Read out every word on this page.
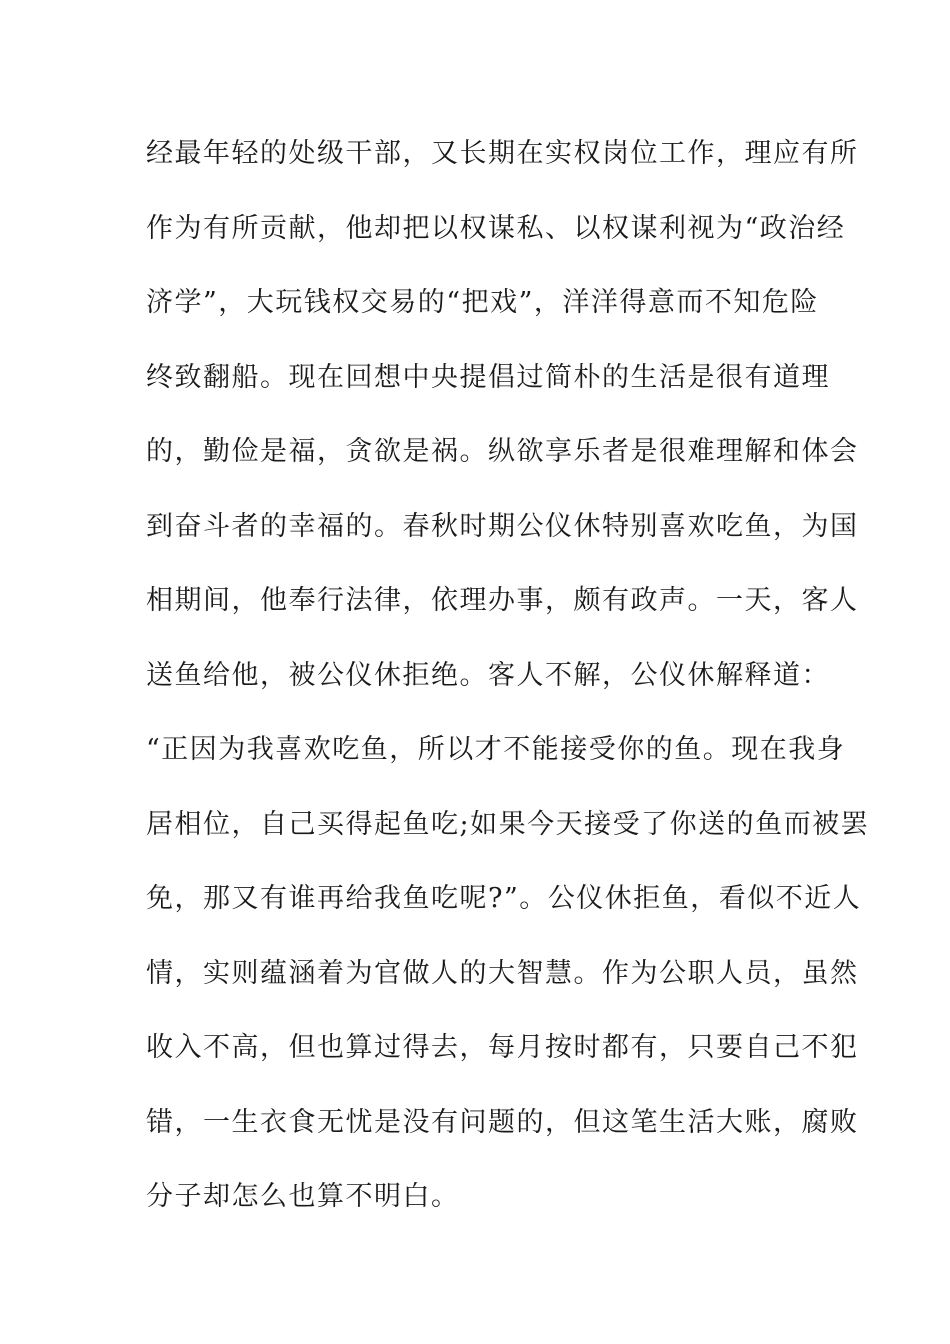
经最年轻的处级干部，又长期在实权岗位工作，理应有所
作为有所贡献，他却把以权谋私、以权谋利视为“政治经
济学”，大玩钱权交易的“把戏”，洋洋得意而不知危险
终致翻船。现在回想中央提倡过简朴的生活是很有道理
的，勤俭是福，贪欲是祸。纵欲享乐者是很难理解和体会
到奋斗者的幸福的。春秋时期公仪休特别喜欢吃鱼，为国
相期间，他奉行法律，依理办事，颇有政声。一天，客人
送鱼给他，被公仪休拒绝。客人不解，公仪休解释道：
“正因为我喜欢吃鱼，所以才不能接受你的鱼。现在我身
居相位，自己买得起鱼吃;如果今天接受了你送的鱼而被罢
免，那又有谁再给我鱼吃呢?”。公仪休拒鱼，看似不近人
情，实则蕴涵着为官做人的大智慧。作为公职人员，虽然
收入不高，但也算过得去，每月按时都有，只要自己不犯
错，一生衣食无忧是没有问题的，但这笔生活大账，腐败
分子却怎么也算不明白。
